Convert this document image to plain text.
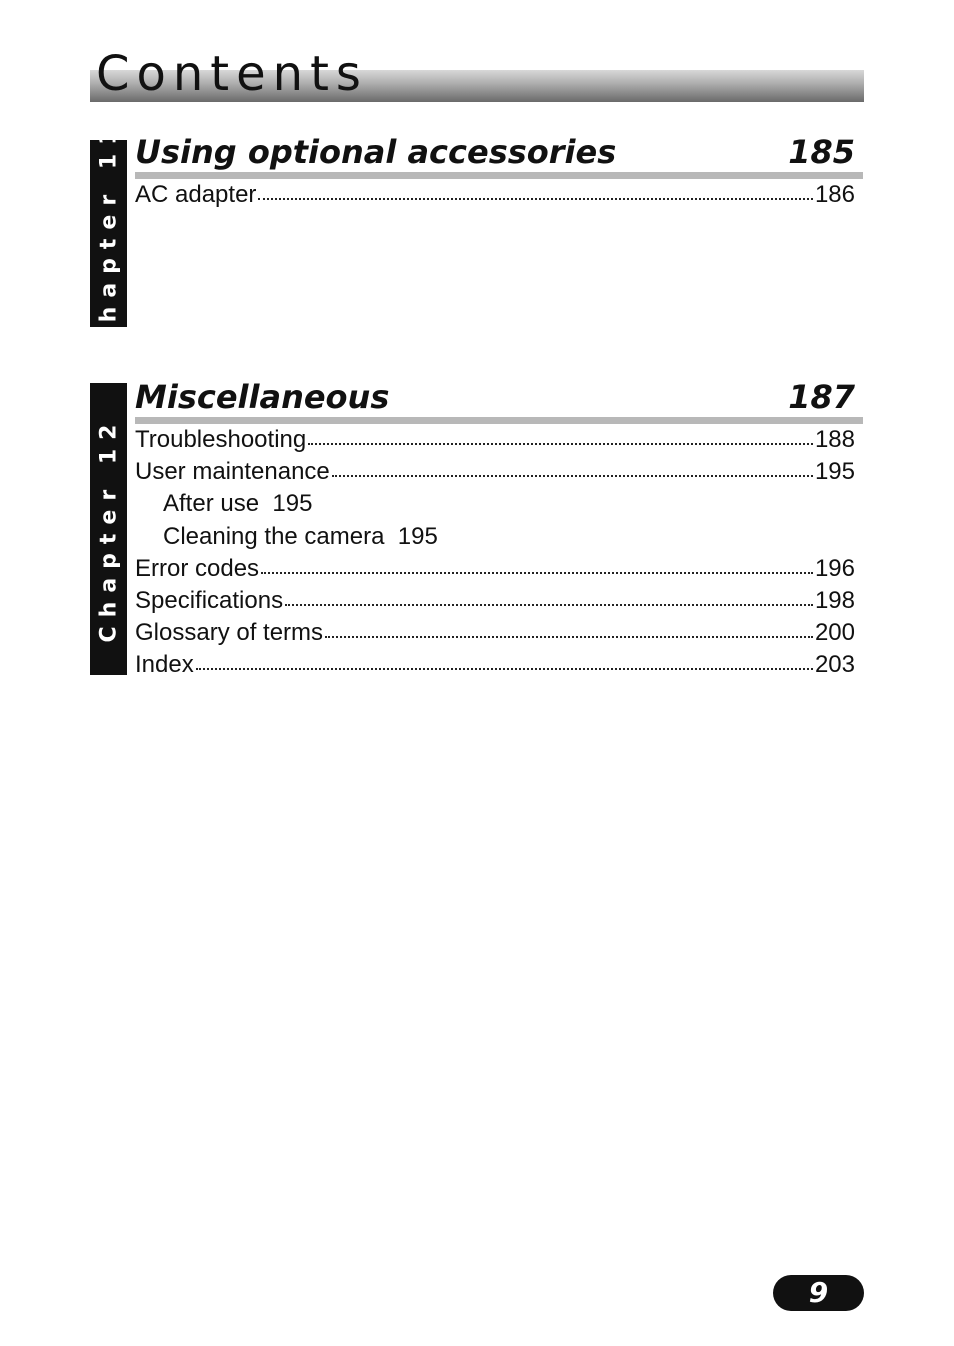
Contents
Chapter 11 Using optional accessories	185
AC adapter	186
Chapter 12
Miscellaneous	187
Troubleshooting	188
User maintenance	195
After use  195
Cleaning the camera  195
Error codes	196
Specifications	198
Glossary of terms	200
Index	203
9
